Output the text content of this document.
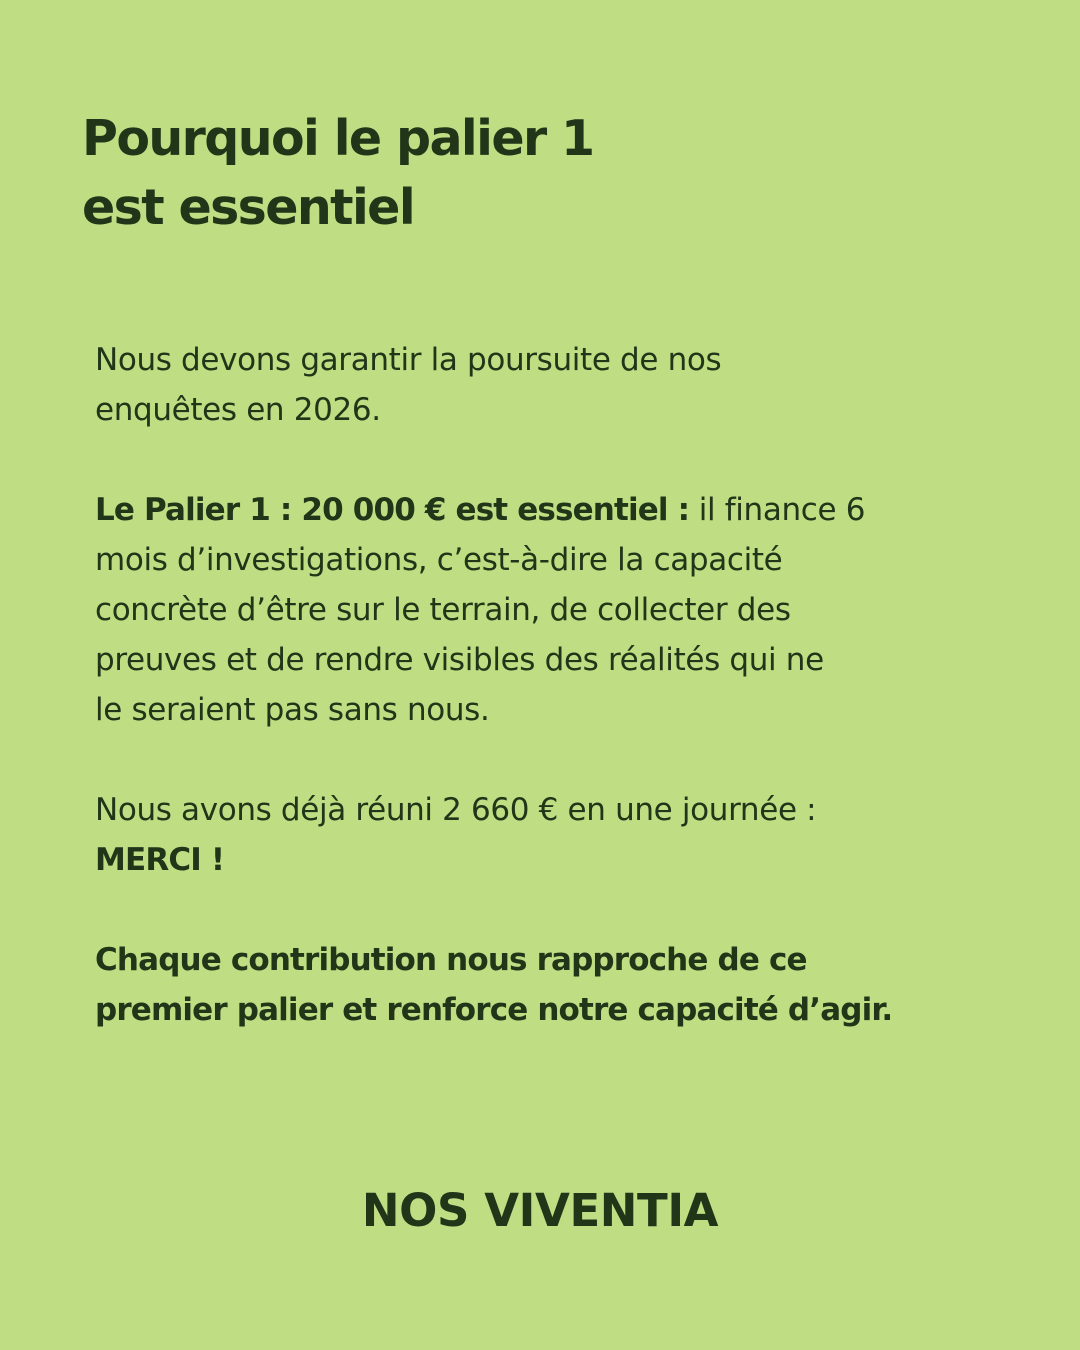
Pourquoi le palier 1
est essentiel
Nous devons garantir la poursuite de nos
enquêtes en 2026.
Le Palier 1 : 20 000 € est essentiel : il finance 6
mois d’investigations, c’est-à-dire la capacité
concrète d’être sur le terrain, de collecter des
preuves et de rendre visibles des réalités qui ne
le seraient pas sans nous.
Nous avons déjà réuni 2 660 € en une journée :
MERCI !
Chaque contribution nous rapproche de ce
premier palier et renforce notre capacité d’agir.
NOS VIVENTIA
